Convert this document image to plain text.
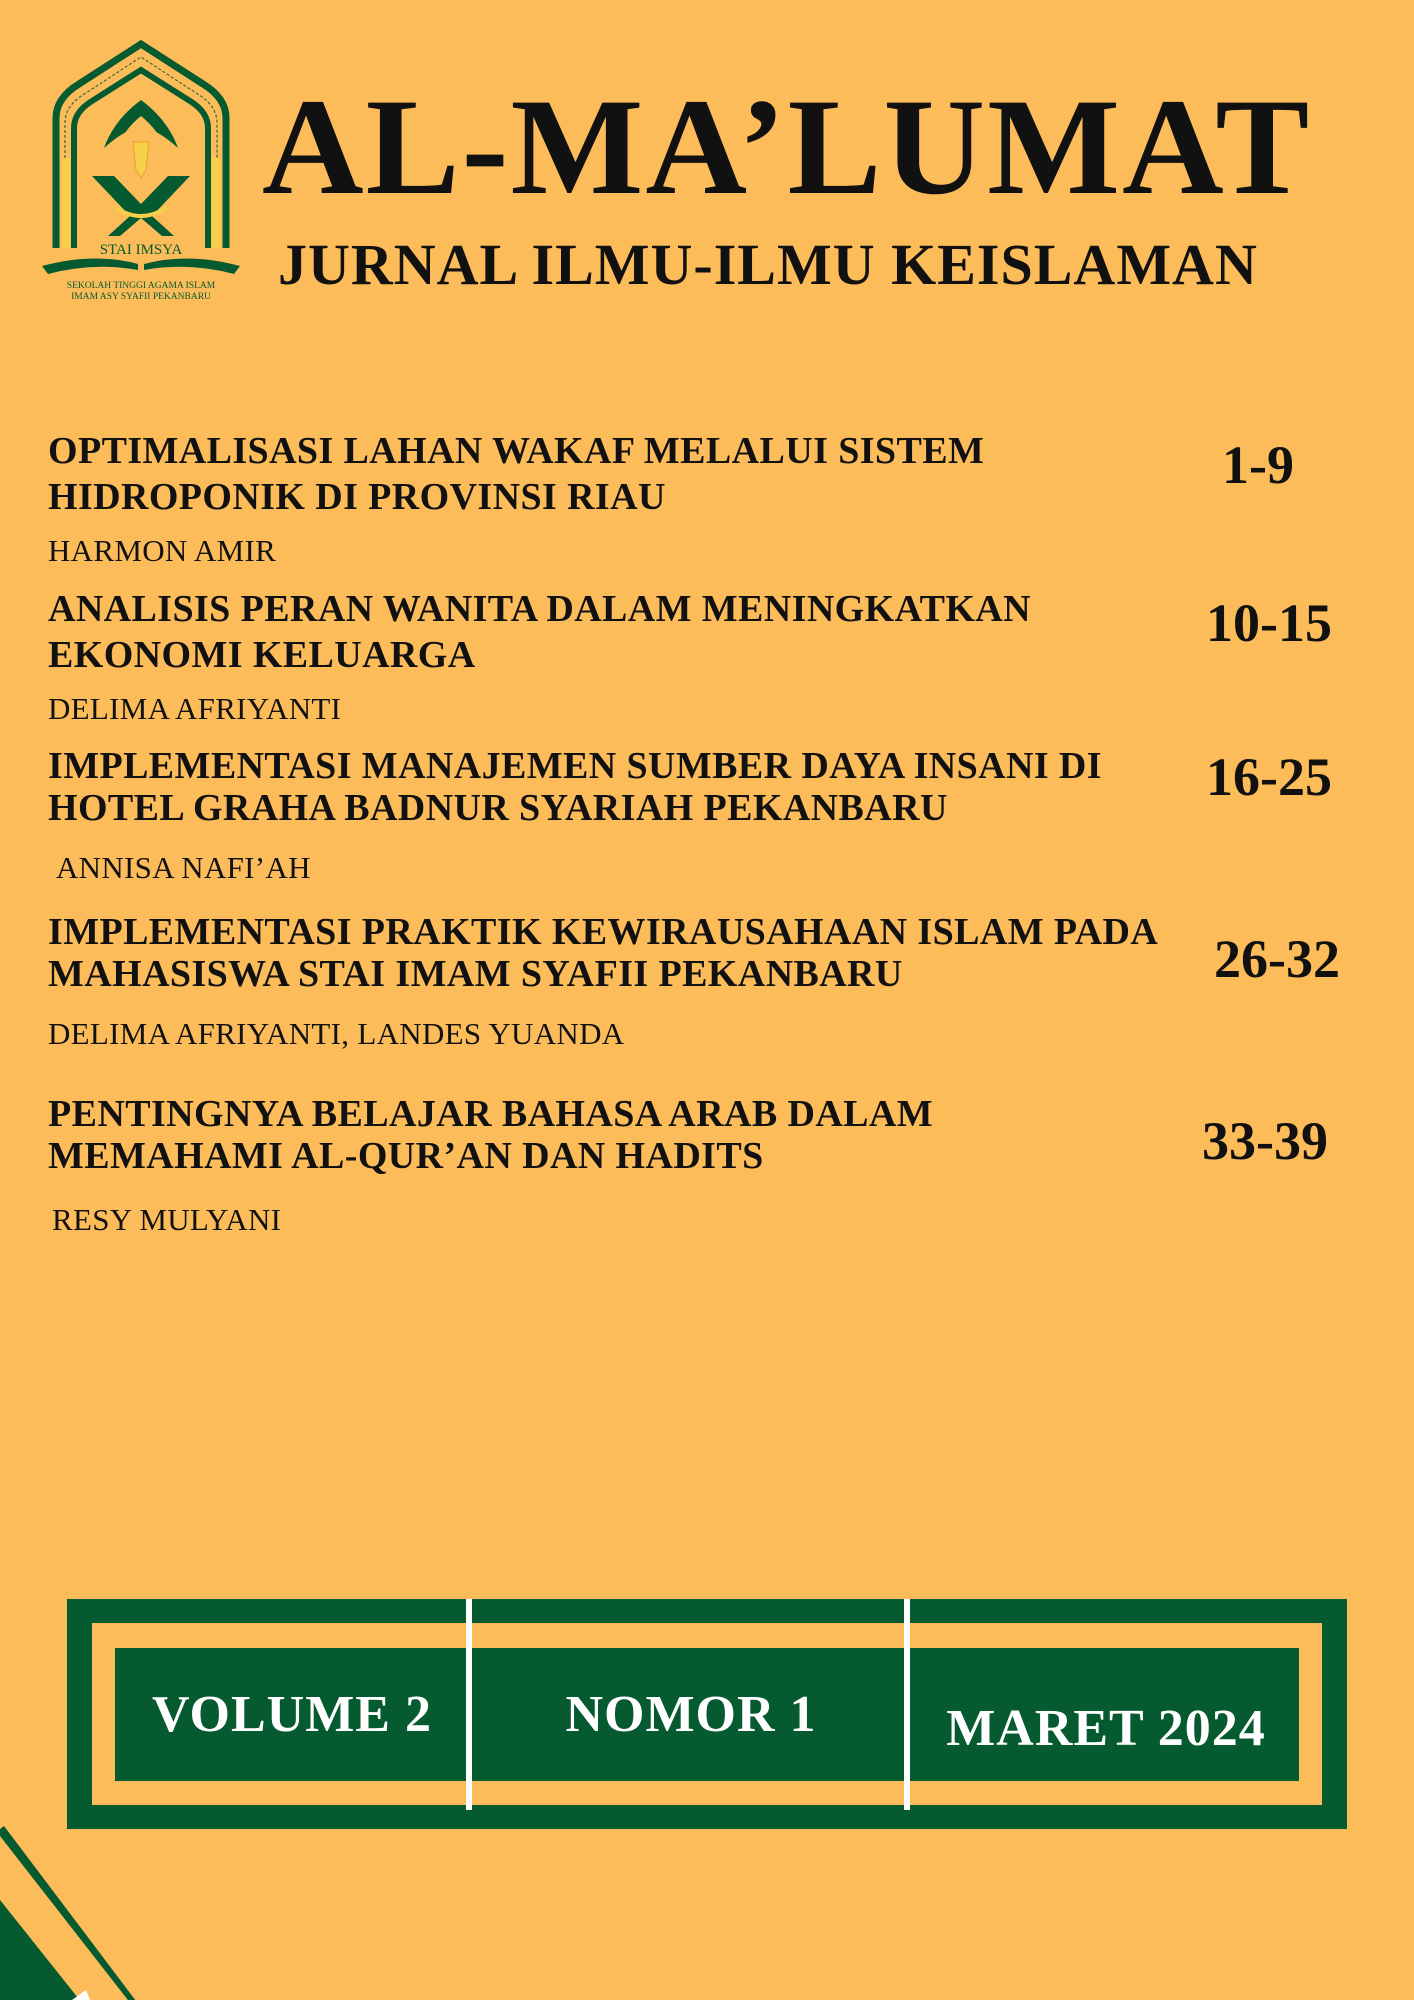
STAI IMSYA
SEKOLAH TINGGI AGAMA ISLAM
IMAM ASY SYAFII PEKANBARU
AL-MA’LUMAT
JURNAL ILMU-ILMU KEISLAMAN
OPTIMALISASI LAHAN WAKAF MELALUI SISTEM
HIDROPONIK DI PROVINSI RIAU
HARMON AMIR
1-9
ANALISIS PERAN WANITA DALAM MENINGKATKAN
EKONOMI KELUARGA
DELIMA AFRIYANTI
10-15
IMPLEMENTASI MANAJEMEN SUMBER DAYA INSANI DI
HOTEL GRAHA BADNUR SYARIAH PEKANBARU
ANNISA NAFI’AH
16-25
IMPLEMENTASI PRAKTIK KEWIRAUSAHAAN ISLAM PADA
MAHASISWA STAI IMAM SYAFII PEKANBARU
DELIMA AFRIYANTI, LANDES YUANDA
26-32
PENTINGNYA BELAJAR BAHASA ARAB DALAM
MEMAHAMI AL-QUR’AN DAN HADITS
RESY MULYANI
33-39
VOLUME 2	NOMOR 1	MARET 2024
